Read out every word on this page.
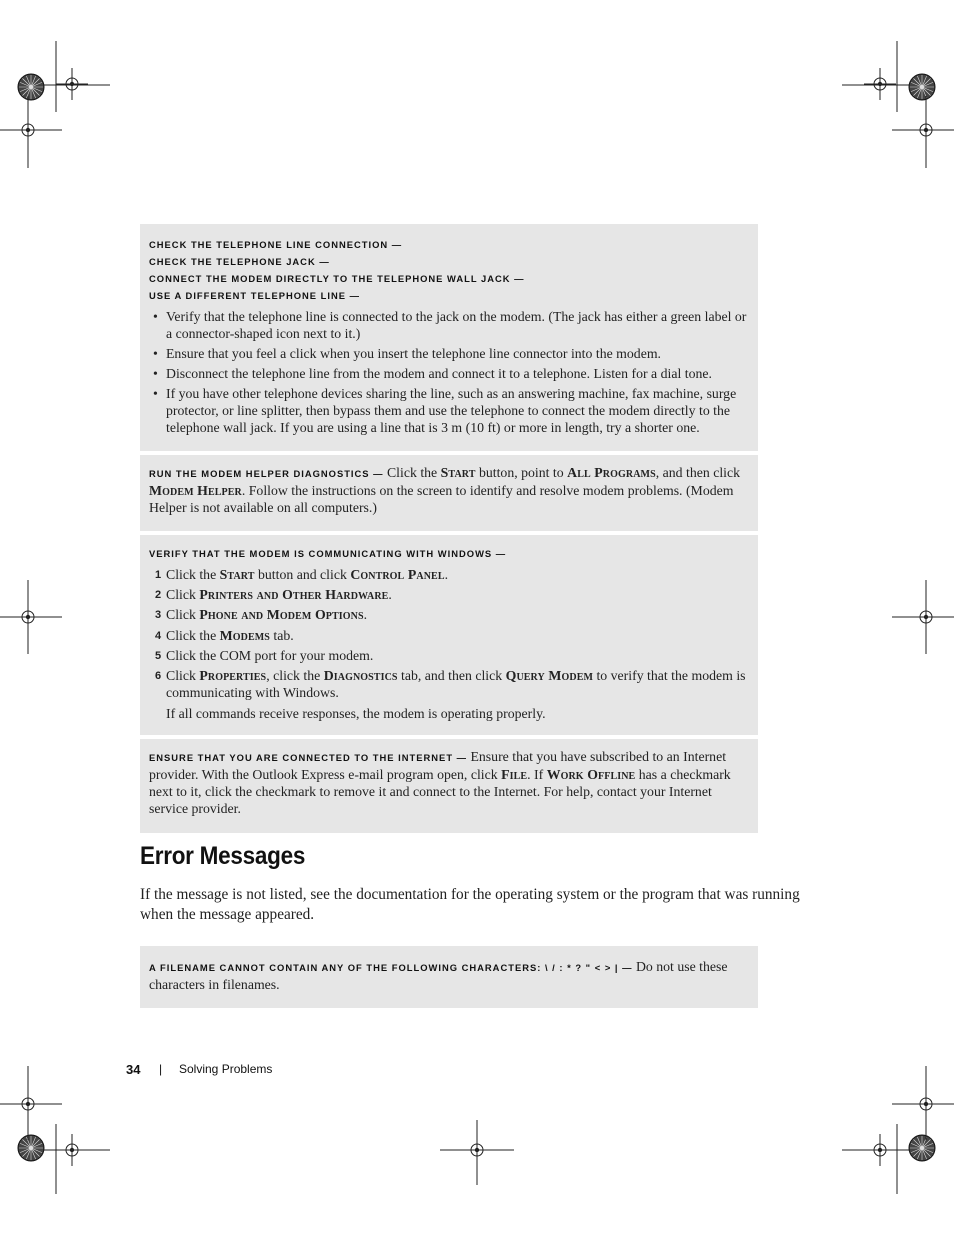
CHECK THE TELEPHONE LINE CONNECTION —
CHECK THE TELEPHONE JACK —
CONNECT THE MODEM DIRECTLY TO THE TELEPHONE WALL JACK —
USE A DIFFERENT TELEPHONE LINE —
• Verify that the telephone line is connected to the jack on the modem. (The jack has either a green label or a connector-shaped icon next to it.)
• Ensure that you feel a click when you insert the telephone line connector into the modem.
• Disconnect the telephone line from the modem and connect it to a telephone. Listen for a dial tone.
• If you have other telephone devices sharing the line, such as an answering machine, fax machine, surge protector, or line splitter, then bypass them and use the telephone to connect the modem directly to the telephone wall jack. If you are using a line that is 3 m (10 ft) or more in length, try a shorter one.

RUN THE MODEM HELPER DIAGNOSTICS — Click the Start button, point to All Programs, and then click Modem Helper. Follow the instructions on the screen to identify and resolve modem problems. (Modem Helper is not available on all computers.)

VERIFY THAT THE MODEM IS COMMUNICATING WITH WINDOWS —
1 Click the Start button and click Control Panel.
2 Click Printers and Other Hardware.
3 Click Phone and Modem Options.
4 Click the Modems tab.
5 Click the COM port for your modem.
6 Click Properties, click the Diagnostics tab, and then click Query Modem to verify that the modem is communicating with Windows.
If all commands receive responses, the modem is operating properly.

ENSURE THAT YOU ARE CONNECTED TO THE INTERNET — Ensure that you have subscribed to an Internet provider. With the Outlook Express e-mail program open, click File. If Work Offline has a checkmark next to it, click the checkmark to remove it and connect to the Internet. For help, contact your Internet service provider.

Error Messages

If the message is not listed, see the documentation for the operating system or the program that was running when the message appeared.

A FILENAME CANNOT CONTAIN ANY OF THE FOLLOWING CHARACTERS: \ / : * ? " < > | — Do not use these characters in filenames.

34 | Solving Problems
